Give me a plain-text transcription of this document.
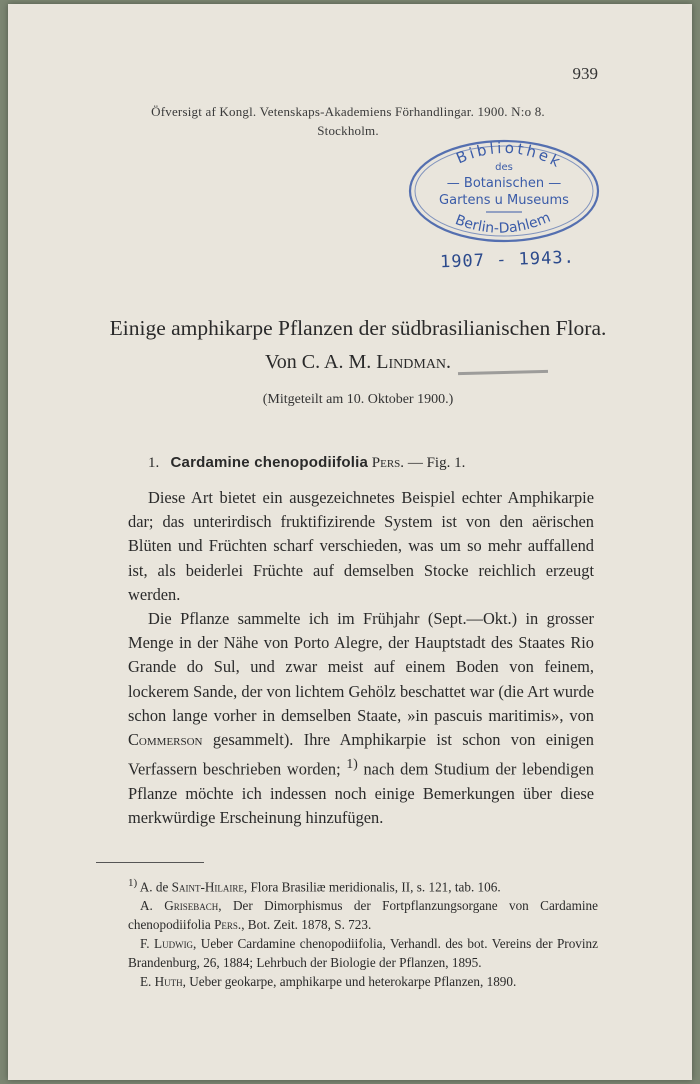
939
Öfversigt af Kongl. Vetenskaps-Akademiens Förhandlingar. 1900. N:o 8.
Stockholm.
Bibliothek
des
— Botanischen —
Gartens u Museums
Berlin-Dahlem
1907 - 1943.
Einige amphikarpe Pflanzen der südbrasilianischen Flora.
Von C. A. M. Lindman.
(Mitgeteilt am 10. Oktober 1900.)
1. Cardamine chenopodiifolia Pers. — Fig. 1.

Diese Art bietet ein ausgezeichnetes Beispiel echter Amphikarpie dar; das unterirdisch fruktifizirende System ist von den aërischen Blüten und Früchten scharf verschieden, was um so mehr auffallend ist, als beiderlei Früchte auf demselben Stocke reichlich erzeugt werden.

Die Pflanze sammelte ich im Frühjahr (Sept.—Okt.) in grosser Menge in der Nähe von Porto Alegre, der Hauptstadt des Staates Rio Grande do Sul, und zwar meist auf einem Boden von feinem, lockerem Sande, der von lichtem Gehölz beschattet war (die Art wurde schon lange vorher in demselben Staate, »in pascuis maritimis», von Commerson gesammelt). Ihre Amphikarpie ist schon von einigen Verfassern beschrieben worden; $^{1)}$ nach dem Studium der lebendigen Pflanze möchte ich indessen noch einige Bemerkungen über diese merkwürdige Erscheinung hinzufügen.

$^{1)}$ A. de Saint-Hilaire, Flora Brasiliæ meridionalis, II, s. 121, tab. 106.

A. Grisebach, Der Dimorphismus der Fortpflanzungsorgane von Cardamine chenopodiifolia Pers., Bot. Zeit. 1878, S. 723.

F. Ludwig, Ueber Cardamine chenopodiifolia, Verhandl. des bot. Vereins der Provinz Brandenburg, 26, 1884; Lehrbuch der Biologie der Pflanzen, 1895.

E. Huth, Ueber geokarpe, amphikarpe und heterokarpe Pflanzen, 1890.
